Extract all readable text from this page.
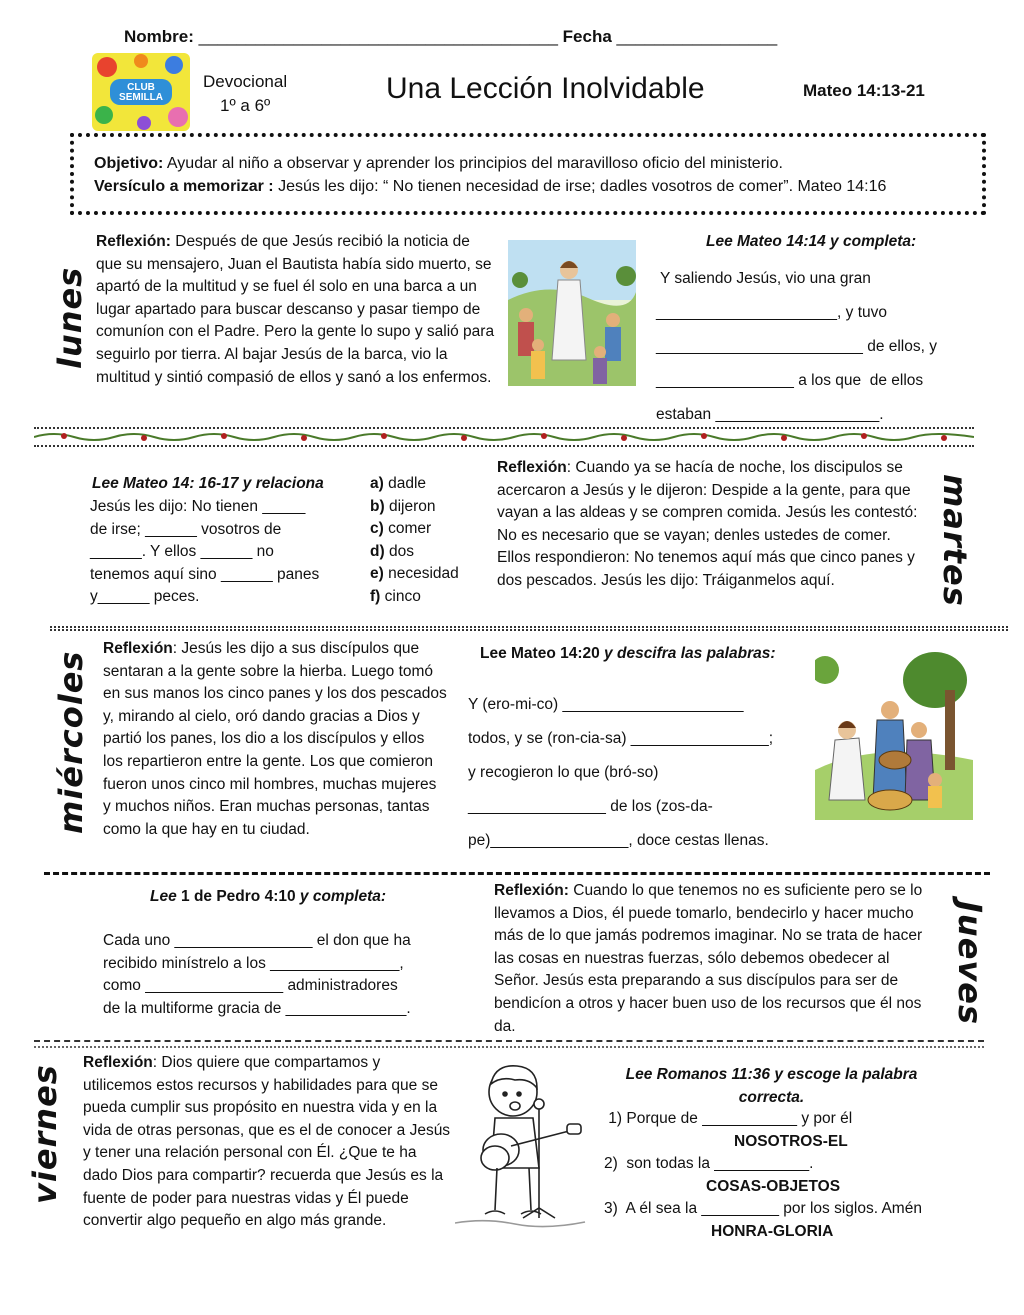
Nombre: ______________________________________ Fecha _________________
CLUB SEMILLA
Devocional
1º a 6º
Una Lección Inolvidable	Mateo 14:13-21
Objetivo: Ayudar al niño a observar y aprender los principios del maravilloso oficio del ministerio.
Versículo a memorizar : Jesús les dijo: “ No tienen necesidad de irse; dadles vosotros de comer”. Mateo 14:16
lunes
Reflexión: Después de que Jesús recibió la noticia de que su mensajero, Juan el Bautista había sido muerto, se apartó de la multitud y se fuel él solo en una barca a un lugar apartado para buscar descanso y pasar tiempo de comuníon con el Padre. Pero la gente lo supo y salió para seguirlo por tierra. Al bajar Jesús de la barca, vio la multitud y sintió compasió de ellos y sanó a los enfermos.
Lee Mateo 14:14 y completa:
Y saliendo Jesús, vio una gran
_____________________, y tuvo
________________________ de ellos, y
________________ a los que  de ellos
estaban ___________________.
Lee Mateo 14: 16-17 y relaciona
Jesús les dijo: No tienen _____
de irse; ______ vosotros de
______. Y ellos ______ no
tenemos aquí sino ______ panes
y______ peces.
a) dadle
b) dijeron
c) comer
d) dos
e) necesidad
f) cinco
Reflexión: Cuando ya se hacía de noche, los discipulos se acercaron a Jesús y le dijeron: Despide a la gente, para que vayan a las aldeas y se compren comida. Jesús les contestó: No es necesario que se vayan; denles ustedes de comer. Ellos respondieron: No tenemos aquí más que cinco panes y dos pescados. Jesús les dijo: Tráiganmelos aquí.	martes
miércoles
Reflexión: Jesús les dijo a sus discípulos que sentaran a la gente sobre la hierba. Luego tomó en sus manos los cinco panes y los dos pescados y, mirando al cielo, oró dando gracias a Dios y partió los panes, los dio a los discípulos y ellos los repartieron entre la gente. Los que comieron fueron unos cinco mil hombres, muchas mujeres y muchos niños. Eran muchas personas, tantas como la que hay en tu ciudad.
Lee Mateo 14:20 y descifra las palabras:
Y (ero-mi-co) _____________________
todos, y se (ron-cia-sa) ________________;
y recogieron lo que (bró-so)
________________ de los (zos-da-
pe)________________, doce cestas llenas.
Lee 1 de Pedro 4:10 y completa:
Cada uno ________________ el don que ha
recibido minístrelo a los _______________,
como ________________ administradores
de la multiforme gracia de ______________.
Reflexión: Cuando lo que tenemos no es suficiente pero se lo llevamos a Dios, él puede tomarlo, bendecirlo y hacer mucho más de lo que jamás podremos imaginar. No se trata de hacer las cosas en nuestras fuerzas, sólo debemos obedecer al Señor. Jesús esta preparando a sus discípulos para ser de bendicíon a otros y hacer buen uso de los recursos que él nos da.
Jueves
viernes
Reflexión: Dios quiere que compartamos y utilicemos estos recursos y habilidades para que se pueda cumplir sus propósito en nuestra vida y en la vida de otras personas, que es el de conocer a Jesús y tener una relación personal con Él. ¿Que te ha dado Dios para compartir? recuerda que Jesús es la fuente de poder para nuestras vidas y Él puede convertir algo pequeño en algo más grande.
Lee Romanos 11:36 y escoge la palabra
correcta.
1) Porque de ___________ y por él
NOSOTROS-EL
2)  son todas la ___________.
COSAS-OBJETOS
3)  A él sea la _________ por los siglos. Amén
HONRA-GLORIA
